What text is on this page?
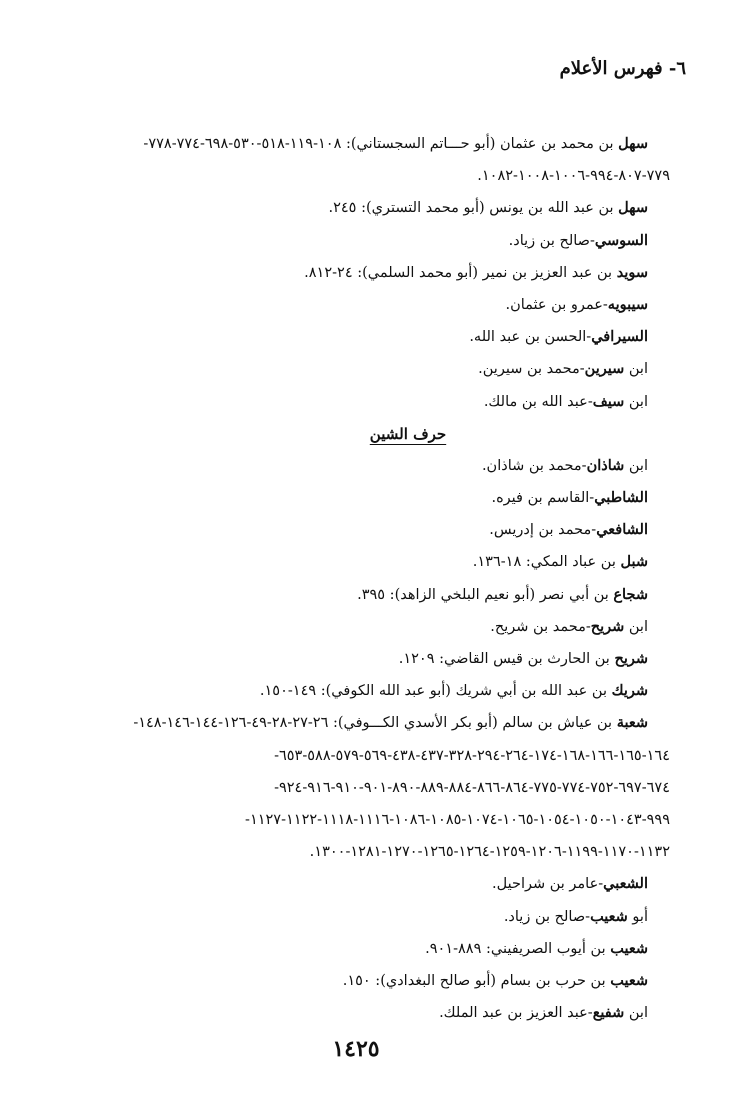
٦- فهرس الأعلام
سهل بن محمد بن عثمان (أبو حـــاتم السجستاني): ١٠٨-١١٩-٥١٨-٥٣٠-٦٩٨-٧٧٤-٧٧٨-
٧٧٩-٨٠٧-٩٩٤-١٠٠٦-١٠٠٨-١٠٨٢.
سهل بن عبد الله بن يونس (أبو محمد التستري): ٢٤٥.
السوسي-صالح بن زياد.
سويد بن عبد العزيز بن نمير (أبو محمد السلمي): ٢٤-٨١٢.
سيبويه-عمرو بن عثمان.
السيرافي-الحسن بن عبد الله.
ابن سيرين-محمد بن سيرين.
ابن سيف-عبد الله بن مالك.
حرف الشين
ابن شاذان-محمد بن شاذان.
الشاطبي-القاسم بن فيره.
الشافعي-محمد بن إدريس.
شبل بن عباد المكي: ١٨-١٣٦.
شجاع بن أبي نصر (أبو نعيم البلخي الزاهد): ٣٩٥.
ابن شريح-محمد بن شريح.
شريح بن الحارث بن قيس القاضي: ١٢٠٩.
شريك بن عبد الله بن أبي شريك (أبو عبد الله الكوفي): ١٤٩-١٥٠.
شعبة بن عياش بن سالم (أبو بكر الأسدي الكـــوفي): ٢٦-٢٧-٢٨-٤٩-١٢٦-١٤٤-١٤٦-١٤٨-
١٦٤-١٦٥-١٦٦-١٦٨-١٧٤-٢٦٤-٢٩٤-٣٢٨-٤٣٧-٤٣٨-٥٦٩-٥٧٩-٥٨٨-٦٥٣-
٦٧٤-٦٩٧-٧٥٢-٧٧٤-٧٧٥-٨٦٤-٨٦٦-٨٨٤-٨٨٩-٨٩٠-٩٠١-٩١٠-٩١٦-٩٢٤-
٩٩٩-١٠٤٣-١٠٥٠-١٠٥٤-١٠٦٥-١٠٧٤-١٠٨٥-١٠٨٦-١١١٦-١١١٨-١١٢٢-١١٢٧-
١١٣٢-١١٧٠-١١٩٩-١٢٠٦-١٢٥٩-١٢٦٤-١٢٦٥-١٢٧٠-١٢٨١-١٣٠٠.
الشعبي-عامر بن شراحيل.
أبو شعيب-صالح بن زياد.
شعيب بن أيوب الصريفيني: ٨٨٩-٩٠١.
شعيب بن حرب بن بسام (أبو صالح البغدادي): ١٥٠.
ابن شفيع-عبد العزيز بن عبد الملك.
١٤٢٥
